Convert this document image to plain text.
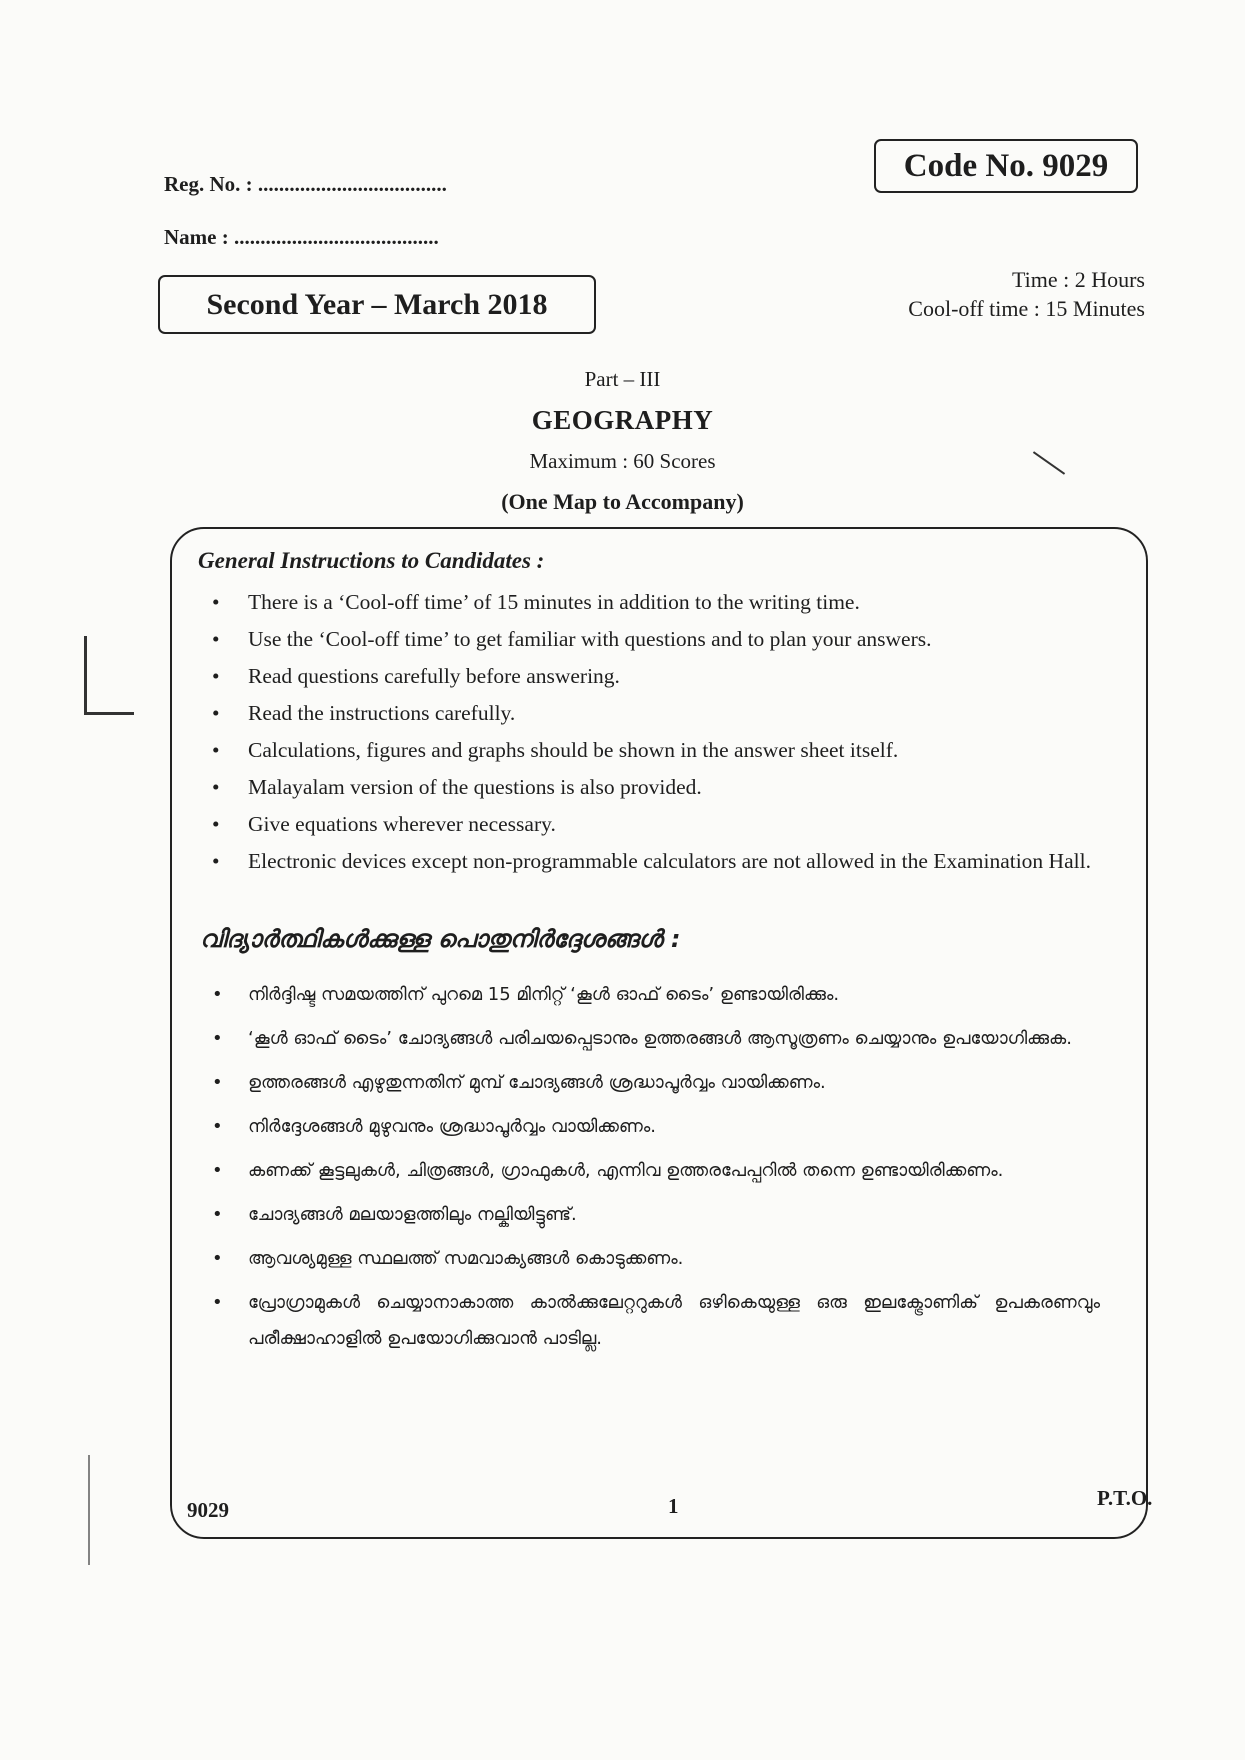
Reg. No. : ....................................
Name : .......................................
Code No. 9029
Second Year – March 2018
Time : 2 Hours
Cool-off time : 15 Minutes
Part – III
GEOGRAPHY
Maximum : 60 Scores
(One Map to Accompany)
General Instructions to Candidates :
• There is a ‘Cool-off time’ of 15 minutes in addition to the writing time.
• Use the ‘Cool-off time’ to get familiar with questions and to plan your answers.
• Read questions carefully before answering.
• Read the instructions carefully.
• Calculations, figures and graphs should be shown in the answer sheet itself.
• Malayalam version of the questions is also provided.
• Give equations wherever necessary.
• Electronic devices except non-programmable calculators are not allowed in the Examination Hall.
വിദ്യാർത്ഥികൾക്കുള്ള പൊതുനിർദ്ദേശങ്ങൾ :
• നിർദ്ദിഷ്ട സമയത്തിന് പുറമെ 15 മിനിറ്റ് ‘കൂൾ ഓഫ് ടൈം’ ഉണ്ടായിരിക്കും.
• ‘കൂൾ ഓഫ് ടൈം’ ചോദ്യങ്ങൾ പരിചയപ്പെടാനും ഉത്തരങ്ങൾ ആസൂത്രണം ചെയ്യാനും ഉപയോഗിക്കുക.
• ഉത്തരങ്ങൾ എഴുതുന്നതിന് മുമ്പ് ചോദ്യങ്ങൾ ശ്രദ്ധാപൂർവ്വം വായിക്കണം.
• നിർദ്ദേശങ്ങൾ മുഴുവനും ശ്രദ്ധാപൂർവ്വം വായിക്കണം.
• കണക്ക് കൂട്ടലുകൾ, ചിത്രങ്ങൾ, ഗ്രാഫുകൾ, എന്നിവ ഉത്തരപേപ്പറിൽ തന്നെ ഉണ്ടായിരിക്കണം.
• ചോദ്യങ്ങൾ മലയാളത്തിലും നല്കിയിട്ടുണ്ട്.
• ആവശ്യമുള്ള സ്ഥലത്ത് സമവാക്യങ്ങൾ കൊടുക്കണം.
• പ്രോഗ്രാമുകൾ ചെയ്യാനാകാത്ത കാൽക്കുലേറ്ററുകൾ ഒഴികെയുള്ള ഒരു ഇലക്ട്രോണിക് ഉപകരണവും പരീക്ഷാഹാളിൽ ഉപയോഗിക്കുവാൻ പാടില്ല.
9029	1	P.T.O.
